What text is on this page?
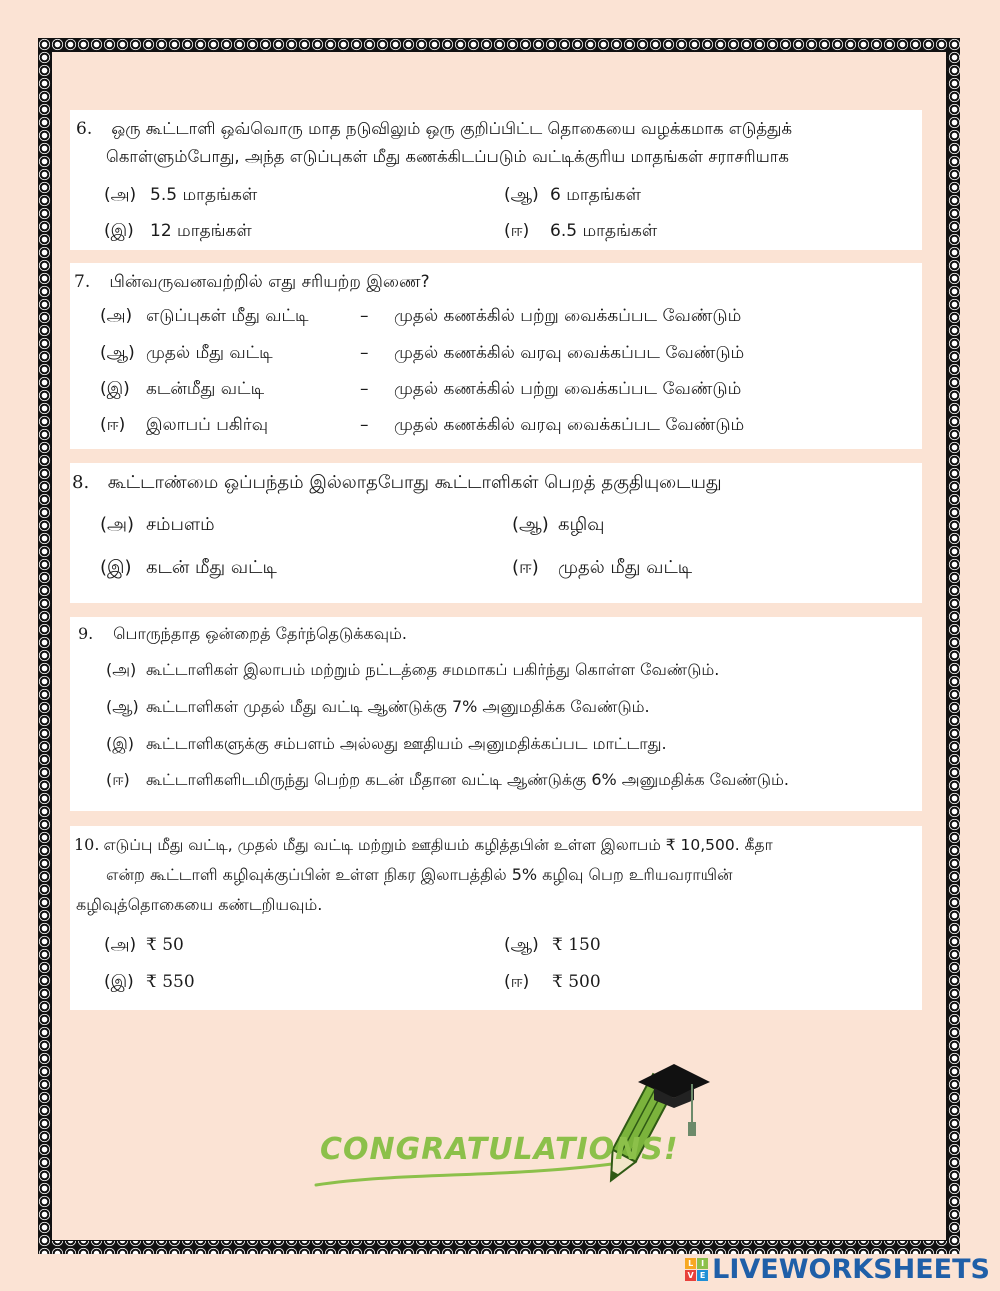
6. ஒரு கூட்டாளி ஒவ்வொரு மாத நடுவிலும் ஒரு குறிப்பிட்ட தொகையை வழக்கமாக எடுத்துக்
கொள்ளும்போது, அந்த எடுப்புகள் மீது கணக்கிடப்படும் வட்டிக்குரிய மாதங்கள் சராசரியாக
(அ) 5.5 மாதங்கள்	(ஆ) 6 மாதங்கள்
(இ) 12 மாதங்கள்	(ஈ) 6.5 மாதங்கள்
7. பின்வருவனவற்றில் எது சரியற்ற இணை?
(அ) எடுப்புகள் மீது வட்டி	– முதல் கணக்கில் பற்று வைக்கப்பட வேண்டும்
(ஆ) முதல் மீது வட்டி	– முதல் கணக்கில் வரவு வைக்கப்பட வேண்டும்
(இ) கடன்மீது வட்டி	– முதல் கணக்கில் பற்று வைக்கப்பட வேண்டும்
(ஈ) இலாபப் பகிர்வு	– முதல் கணக்கில் வரவு வைக்கப்பட வேண்டும்
8. கூட்டாண்மை ஒப்பந்தம் இல்லாதபோது கூட்டாளிகள் பெறத் தகுதியுடையது
(அ) சம்பளம்	(ஆ) கழிவு
(இ) கடன் மீது வட்டி	(ஈ) முதல் மீது வட்டி
9. பொருந்தாத ஒன்றைத் தேர்ந்தெடுக்கவும்.
(அ) கூட்டாளிகள் இலாபம் மற்றும் நட்டத்தை சமமாகப் பகிர்ந்து கொள்ள வேண்டும்.
(ஆ) கூட்டாளிகள் முதல் மீது வட்டி ஆண்டுக்கு 7% அனுமதிக்க வேண்டும்.
(இ) கூட்டாளிகளுக்கு சம்பளம் அல்லது ஊதியம் அனுமதிக்கப்பட மாட்டாது.
(ஈ) கூட்டாளிகளிடமிருந்து பெற்ற கடன் மீதான வட்டி ஆண்டுக்கு 6% அனுமதிக்க வேண்டும்.
10. எடுப்பு மீது வட்டி, முதல் மீது வட்டி மற்றும் ஊதியம் கழித்தபின் உள்ள இலாபம் ₹ 10,500. கீதா
என்ற கூட்டாளி கழிவுக்குப்பின் உள்ள நிகர இலாபத்தில் 5% கழிவு பெற உரியவராயின்
கழிவுத்தொகையை கண்டறியவும்.
(அ) ₹ 50	(ஆ) ₹ 150
(இ) ₹ 550	(ஈ) ₹ 500
CONGRATULATIONS!
L I
V E LIVEWORKSHEETS
